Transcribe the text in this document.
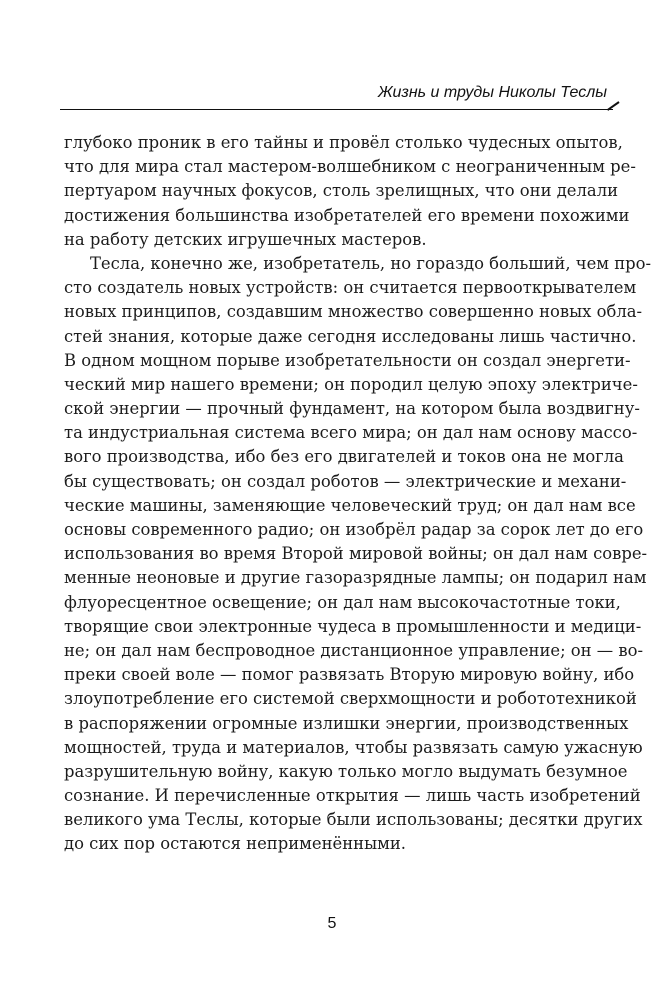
Жизнь и труды Николы Теслы
глубоко проник в его тайны и провёл столько чудесных опытов,
что для мира стал мастером-волшебником с неограниченным ре-
пертуаром научных фокусов, столь зрелищных, что они делали
достижения большинства изобретателей его времени похожими
на работу детских игрушечных мастеров.
Тесла, конечно же, изобретатель, но гораздо больший, чем про-
сто создатель новых устройств: он считается первооткрывателем
новых принципов, создавшим множество совершенно новых обла-
стей знания, которые даже сегодня исследованы лишь частично.
В одном мощном порыве изобретательности он создал энергети-
ческий мир нашего времени; он породил целую эпоху электриче-
ской энергии — прочный фундамент, на котором была воздвигну-
та индустриальная система всего мира; он дал нам основу массо-
вого производства, ибо без его двигателей и токов она не могла
бы существовать; он создал роботов — электрические и механи-
ческие машины, заменяющие человеческий труд; он дал нам все
основы современного радио; он изобрёл радар за сорок лет до его
использования во время Второй мировой войны; он дал нам совре-
менные неоновые и другие газоразрядные лампы; он подарил нам
флуоресцентное освещение; он дал нам высокочастотные токи,
творящие свои электронные чудеса в промышленности и медици-
не; он дал нам беспроводное дистанционное управление; он — во-
преки своей воле — помог развязать Вторую мировую войну, ибо
злоупотребление его системой сверхмощности и робототехникой
в распоряжении огромные излишки энергии, производственных
мощностей, труда и материалов, чтобы развязать самую ужасную
разрушительную войну, какую только могло выдумать безумное
сознание. И перечисленные открытия — лишь часть изобретений
великого ума Теслы, которые были использованы; десятки других
до сих пор остаются неприменёнными.
5
